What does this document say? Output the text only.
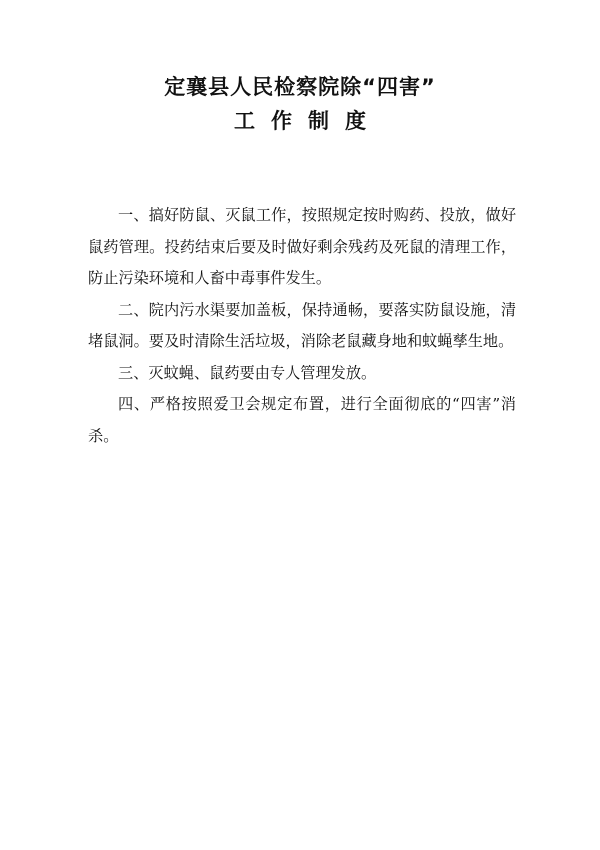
定襄县人民检察院除“四害”
工作制度

一、搞好防鼠、灭鼠工作，按照规定按时购药、投放，做好鼠药管理。投药结束后要及时做好剩余残药及死鼠的清理工作，防止污染环境和人畜中毒事件发生。

二、院内污水渠要加盖板，保持通畅，要落实防鼠设施，清堵鼠洞。要及时清除生活垃圾，消除老鼠藏身地和蚊蝇孳生地。

三、灭蚊蝇、鼠药要由专人管理发放。

四、严格按照爱卫会规定布置，进行全面彻底的“四害”消杀。
